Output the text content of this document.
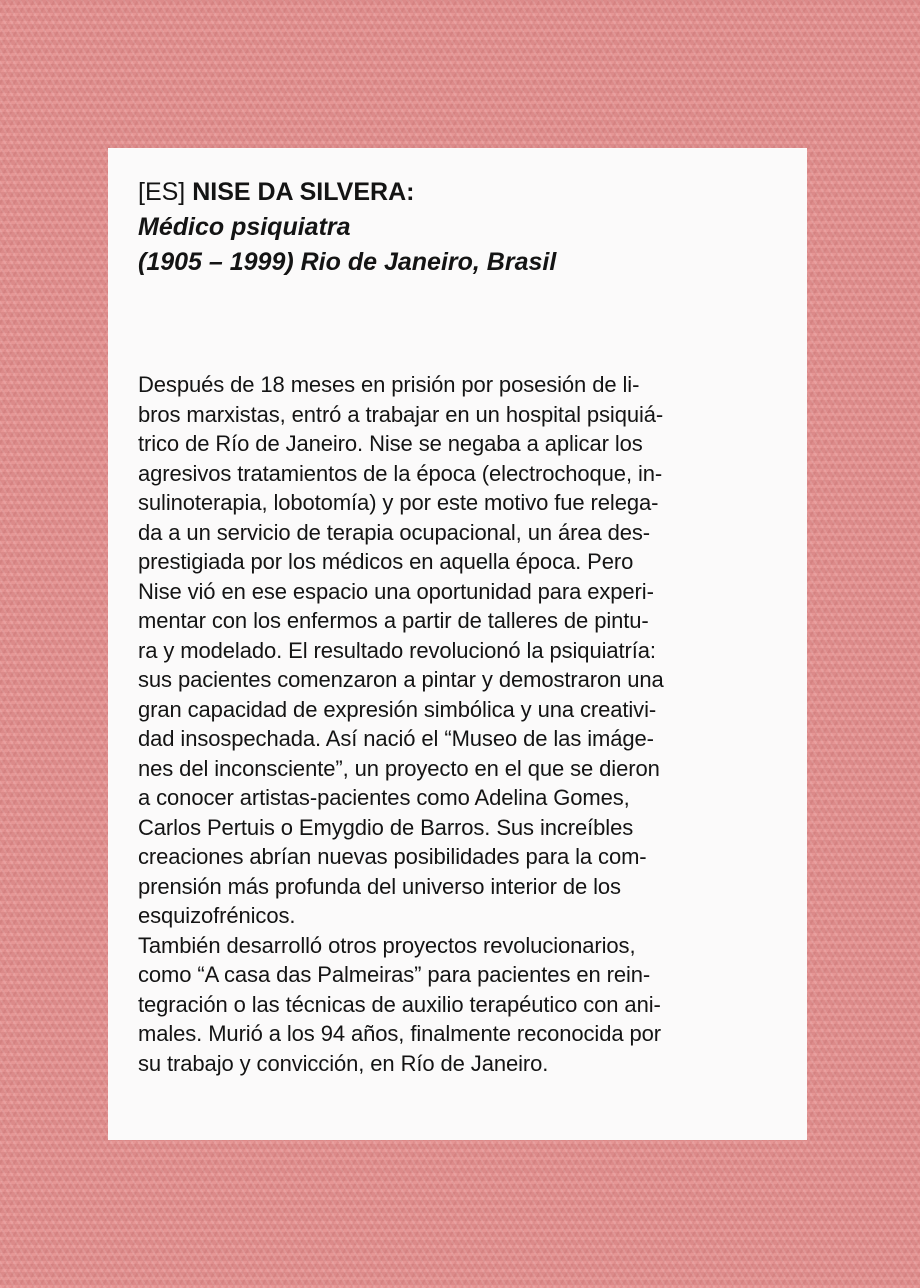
[ES] NISE DA SILVERA:
Médico psiquiatra
(1905 – 1999) Rio de Janeiro, Brasil

Después de 18 meses en prisión por posesión de li-
bros marxistas, entró a trabajar en un hospital psiquiá-
trico de Río de Janeiro. Nise se negaba a aplicar los
agresivos tratamientos de la época (electrochoque, in-
sulinoterapia, lobotomía) y por este motivo fue relega-
da a un servicio de terapia ocupacional, un área des-
prestigiada por los médicos en aquella época. Pero
Nise vió en ese espacio una oportunidad para experi-
mentar con los enfermos a partir de talleres de pintu-
ra y modelado. El resultado revolucionó la psiquiatría:
sus pacientes comenzaron a pintar y demostraron una
gran capacidad de expresión simbólica y una creativi-
dad insospechada. Así nació el “Museo de las imáge-
nes del inconsciente”, un proyecto en el que se dieron
a conocer artistas-pacientes como Adelina Gomes,
Carlos Pertuis o Emygdio de Barros. Sus increíbles
creaciones abrían nuevas posibilidades para la com-
prensión más profunda del universo interior de los
esquizofrénicos.
También desarrolló otros proyectos revolucionarios,
como “A casa das Palmeiras” para pacientes en rein-
tegración o las técnicas de auxilio terapéutico con ani-
males. Murió a los 94 años, finalmente reconocida por
su trabajo y convicción, en Río de Janeiro.
